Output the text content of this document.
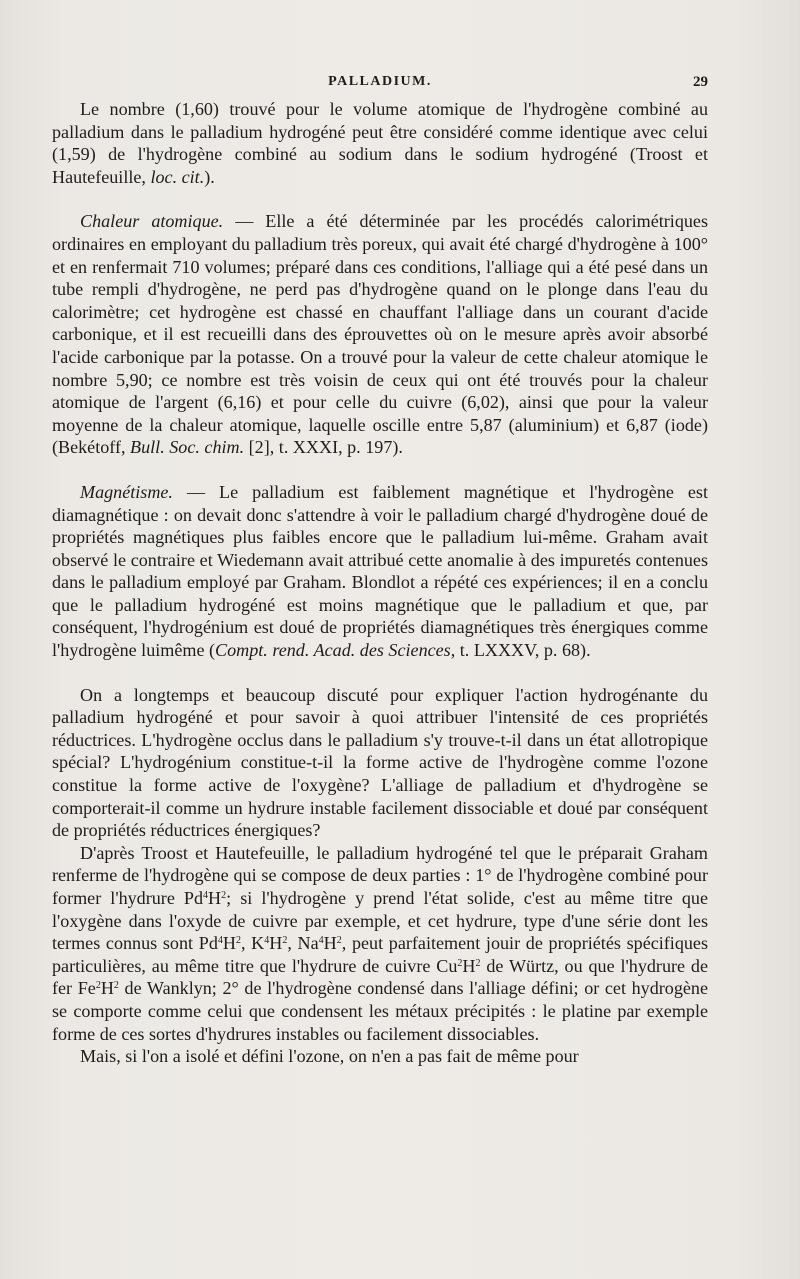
PALLADIUM.	29

Le nombre (1,60) trouvé pour le volume atomique de l'hydrogène combiné au palladium dans le palladium hydrogéné peut être considéré comme identique avec celui (1,59) de l'hydrogène combiné au sodium dans le sodium hydrogéné (Troost et Hautefeuille, loc. cit.).

Chaleur atomique. — Elle a été déterminée par les procédés calorimétriques ordinaires en employant du palladium très poreux, qui avait été chargé d'hydrogène à 100° et en renfermait 710 volumes; préparé dans ces conditions, l'alliage qui a été pesé dans un tube rempli d'hydrogène, ne perd pas d'hydrogène quand on le plonge dans l'eau du calorimètre; cet hydrogène est chassé en chauffant l'alliage dans un courant d'acide carbonique, et il est recueilli dans des éprouvettes où on le mesure après avoir absorbé l'acide carbonique par la potasse. On a trouvé pour la valeur de cette chaleur atomique le nombre 5,90; ce nombre est très voisin de ceux qui ont été trouvés pour la chaleur atomique de l'argent (6,16) et pour celle du cuivre (6,02), ainsi que pour la valeur moyenne de la chaleur atomique, laquelle oscille entre 5,87 (aluminium) et 6,87 (iode) (Bekétoff, Bull. Soc. chim. [2], t. XXXI, p. 197).

Magnétisme. — Le palladium est faiblement magnétique et l'hydrogène est diamagnétique : on devait donc s'attendre à voir le palladium chargé d'hydrogène doué de propriétés magnétiques plus faibles encore que le palladium lui-même. Graham avait observé le contraire et Wiedemann avait attribué cette anomalie à des impuretés contenues dans le palladium employé par Graham. Blondlot a répété ces expériences; il en a conclu que le palladium hydrogéné est moins magnétique que le palladium et que, par conséquent, l'hydrogénium est doué de propriétés diamagnétiques très énergiques comme l'hydrogène luimême (Compt. rend. Acad. des Sciences, t. LXXXV, p. 68).

On a longtemps et beaucoup discuté pour expliquer l'action hydrogénante du palladium hydrogéné et pour savoir à quoi attribuer l'intensité de ces propriétés réductrices. L'hydrogène occlus dans le palladium s'y trouve-t-il dans un état allotropique spécial? L'hydrogénium constitue-t-il la forme active de l'hydrogène comme l'ozone constitue la forme active de l'oxygène? L'alliage de palladium et d'hydrogène se comporterait-il comme un hydrure instable facilement dissociable et doué par conséquent de propriétés réductrices énergiques?

D'après Troost et Hautefeuille, le palladium hydrogéné tel que le préparait Graham renferme de l'hydrogène qui se compose de deux parties : 1° de l'hydrogène combiné pour former l'hydrure $Pd^4H^2$; si l'hydrogène y prend l'état solide, c'est au même titre que l'oxygène dans l'oxyde de cuivre par exemple, et cet hydrure, type d'une série dont les termes connus sont $Pd^4H^2$, $K^4H^2$, $Na^4H^2$, peut parfaitement jouir de propriétés spécifiques particulières, au même titre que l'hydrure de cuivre $Cu^2H^2$ de Würtz, ou que l'hydrure de fer $Fe^2H^2$ de Wanklyn; 2° de l'hydrogène condensé dans l'alliage défini; or cet hydrogène se comporte comme celui que condensent les métaux précipités : le platine par exemple forme de ces sortes d'hydrures instables ou facilement dissociables.

Mais, si l'on a isolé et défini l'ozone, on n'en a pas fait de même pour
